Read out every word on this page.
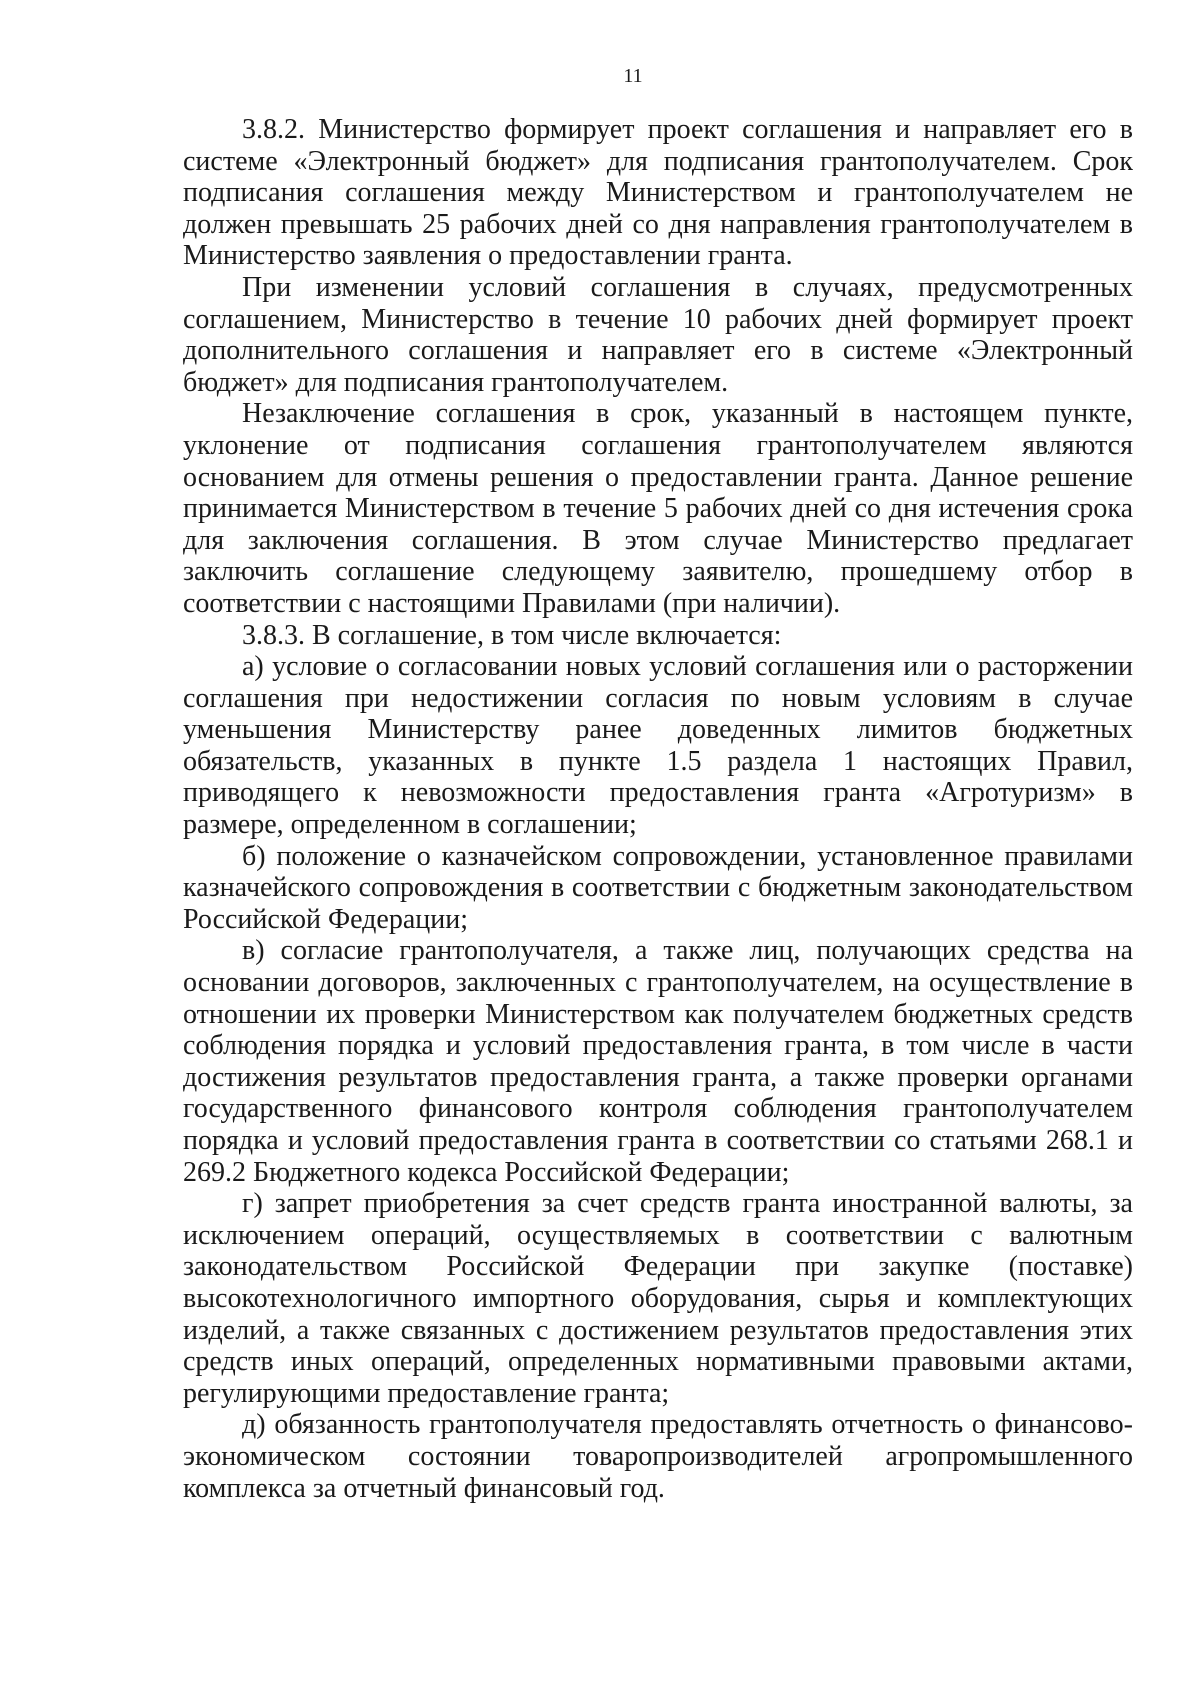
11

3.8.2. Министерство формирует проект соглашения и направляет его в системе «Электронный бюджет» для подписания грантополучателем. Срок подписания соглашения между Министерством и грантополучателем не должен превышать 25 рабочих дней со дня направления грантополучателем в Министерство заявления о предоставлении гранта.

При изменении условий соглашения в случаях, предусмотренных соглашением, Министерство в течение 10 рабочих дней формирует проект дополнительного соглашения и направляет его в системе «Электронный бюджет» для подписания грантополучателем.

Незаключение соглашения в срок, указанный в настоящем пункте, уклонение от подписания соглашения грантополучателем являются основанием для отмены решения о предоставлении гранта. Данное решение принимается Министерством в течение 5 рабочих дней со дня истечения срока для заключения соглашения. В этом случае Министерство предлагает заключить соглашение следующему заявителю, прошедшему отбор в соответствии с настоящими Правилами (при наличии).

3.8.3. В соглашение, в том числе включается:

а) условие о согласовании новых условий соглашения или о расторжении соглашения при недостижении согласия по новым условиям в случае уменьшения Министерству ранее доведенных лимитов бюджетных обязательств, указанных в пункте 1.5 раздела 1 настоящих Правил, приводящего к невозможности предоставления гранта «Агротуризм» в размере, определенном в соглашении;

б) положение о казначейском сопровождении, установленное правилами казначейского сопровождения в соответствии с бюджетным законодательством Российской Федерации;

в) согласие грантополучателя, а также лиц, получающих средства на основании договоров, заключенных с грантополучателем, на осуществление в отношении их проверки Министерством как получателем бюджетных средств соблюдения порядка и условий предоставления гранта, в том числе в части достижения результатов предоставления гранта, а также проверки органами государственного финансового контроля соблюдения грантополучателем порядка и условий предоставления гранта в соответствии со статьями 268.1 и 269.2 Бюджетного кодекса Российской Федерации;

г) запрет приобретения за счет средств гранта иностранной валюты, за исключением операций, осуществляемых в соответствии с валютным законодательством Российской Федерации при закупке (поставке) высокотехнологичного импортного оборудования, сырья и комплектующих изделий, а также связанных с достижением результатов предоставления этих средств иных операций, определенных нормативными правовыми актами, регулирующими предоставление гранта;

д) обязанность грантополучателя предоставлять отчетность о финансово-экономическом состоянии товаропроизводителей агропромышленного комплекса за отчетный финансовый год.
